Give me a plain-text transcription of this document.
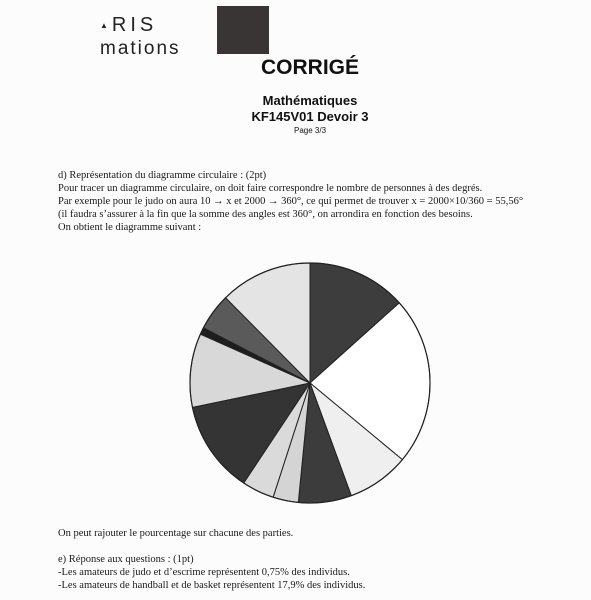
▲ RIS
mations
CORRIGÉ
Mathématiques
KF145V01 Devoir 3
Page 3/3
d) Représentation du diagramme circulaire : (2pt)
Pour tracer un diagramme circulaire, on doit faire correspondre le nombre de personnes à des degrés.
Par exemple pour le judo on aura 10 → x et 2000 → 360°, ce qui permet de trouver x = 2000×10/360 = 55,56°
(il faudra s’assurer à la fin que la somme des angles est 360°, on arrondira en fonction des besoins.
On obtient le diagramme suivant :
On peut rajouter le pourcentage sur chacune des parties.
e) Réponse aux questions : (1pt)
-Les amateurs de judo et d’escrime représentent 0,75% des individus.
-Les amateurs de handball et de basket représentent 17,9% des individus.
